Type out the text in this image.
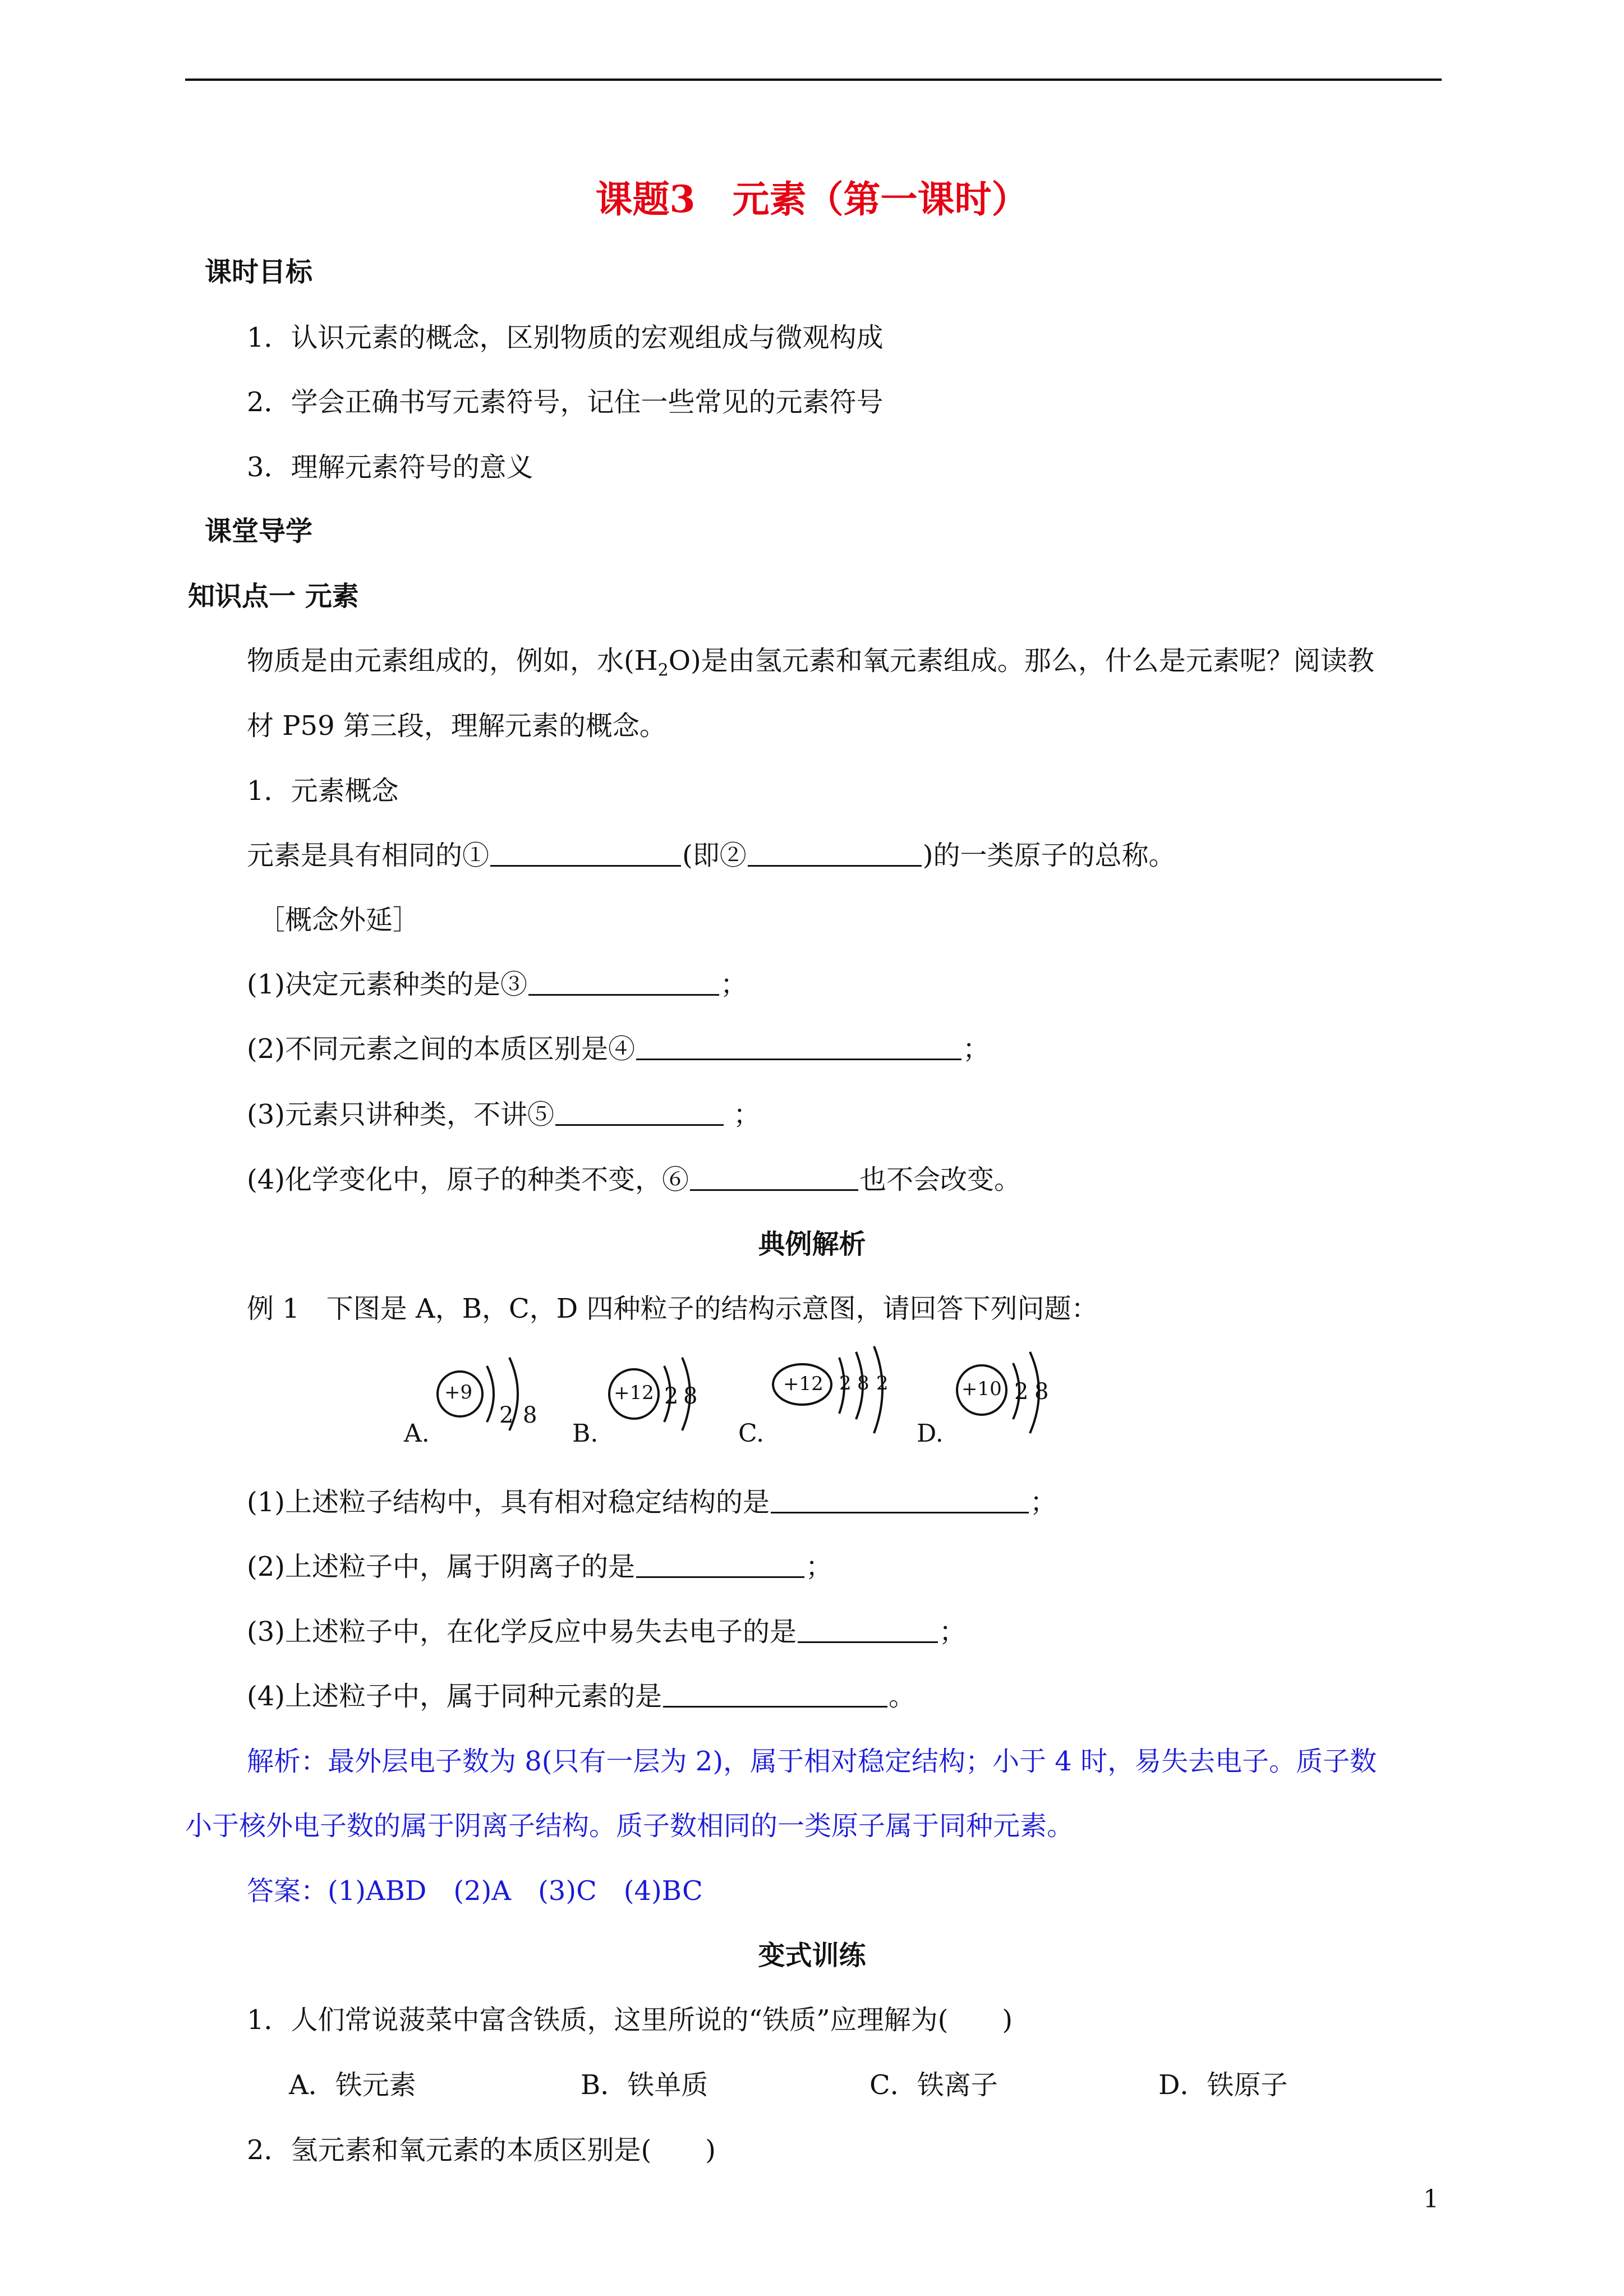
课题3　元素（第一课时）
课时目标
1．认识元素的概念，区别物质的宏观组成与微观构成
2．学会正确书写元素符号，记住一些常见的元素符号
3．理解元素符号的意义
课堂导学
知识点一 元素
物质是由元素组成的，例如，水$(H_2O)$是由氢元素和氧元素组成。那么，什么是元素呢？阅读教
材 P59 第三段，理解元素的概念。
1．元素概念
元素是具有相同的①	(即②	)的一类原子的总称。
［概念外延］
(1)决定元素种类的是③	；
(2)不同元素之间的本质区别是④	；
(3)元素只讲种类，不讲⑤	；
(4)化学变化中，原子的种类不变，⑥	也不会改变。
典例解析
例 1　下图是 A，B，C，D 四种粒子的结构示意图，请回答下列问题：
+9
2 8
A.
+12 2 8
B.
+12 2 8 2
C.
+10 2 8
D.
(1)上述粒子结构中，具有相对稳定结构的是	；
(2)上述粒子中，属于阴离子的是	；
(3)上述粒子中，在化学反应中易失去电子的是	；
(4)上述粒子中，属于同种元素的是	。
解析：最外层电子数为 8(只有一层为 2)，属于相对稳定结构；小于 4 时，易失去电子。质子数
小于核外电子数的属于阴离子结构。质子数相同的一类原子属于同种元素。
答案：(1)ABD　(2)A　(3)C　(4)BC
变式训练
1．人们常说菠菜中富含铁质，这里所说的“铁质”应理解为(　　)
A．铁元素	B．铁单质	C．铁离子	D．铁原子
2．氢元素和氧元素的本质区别是(　　)
1
